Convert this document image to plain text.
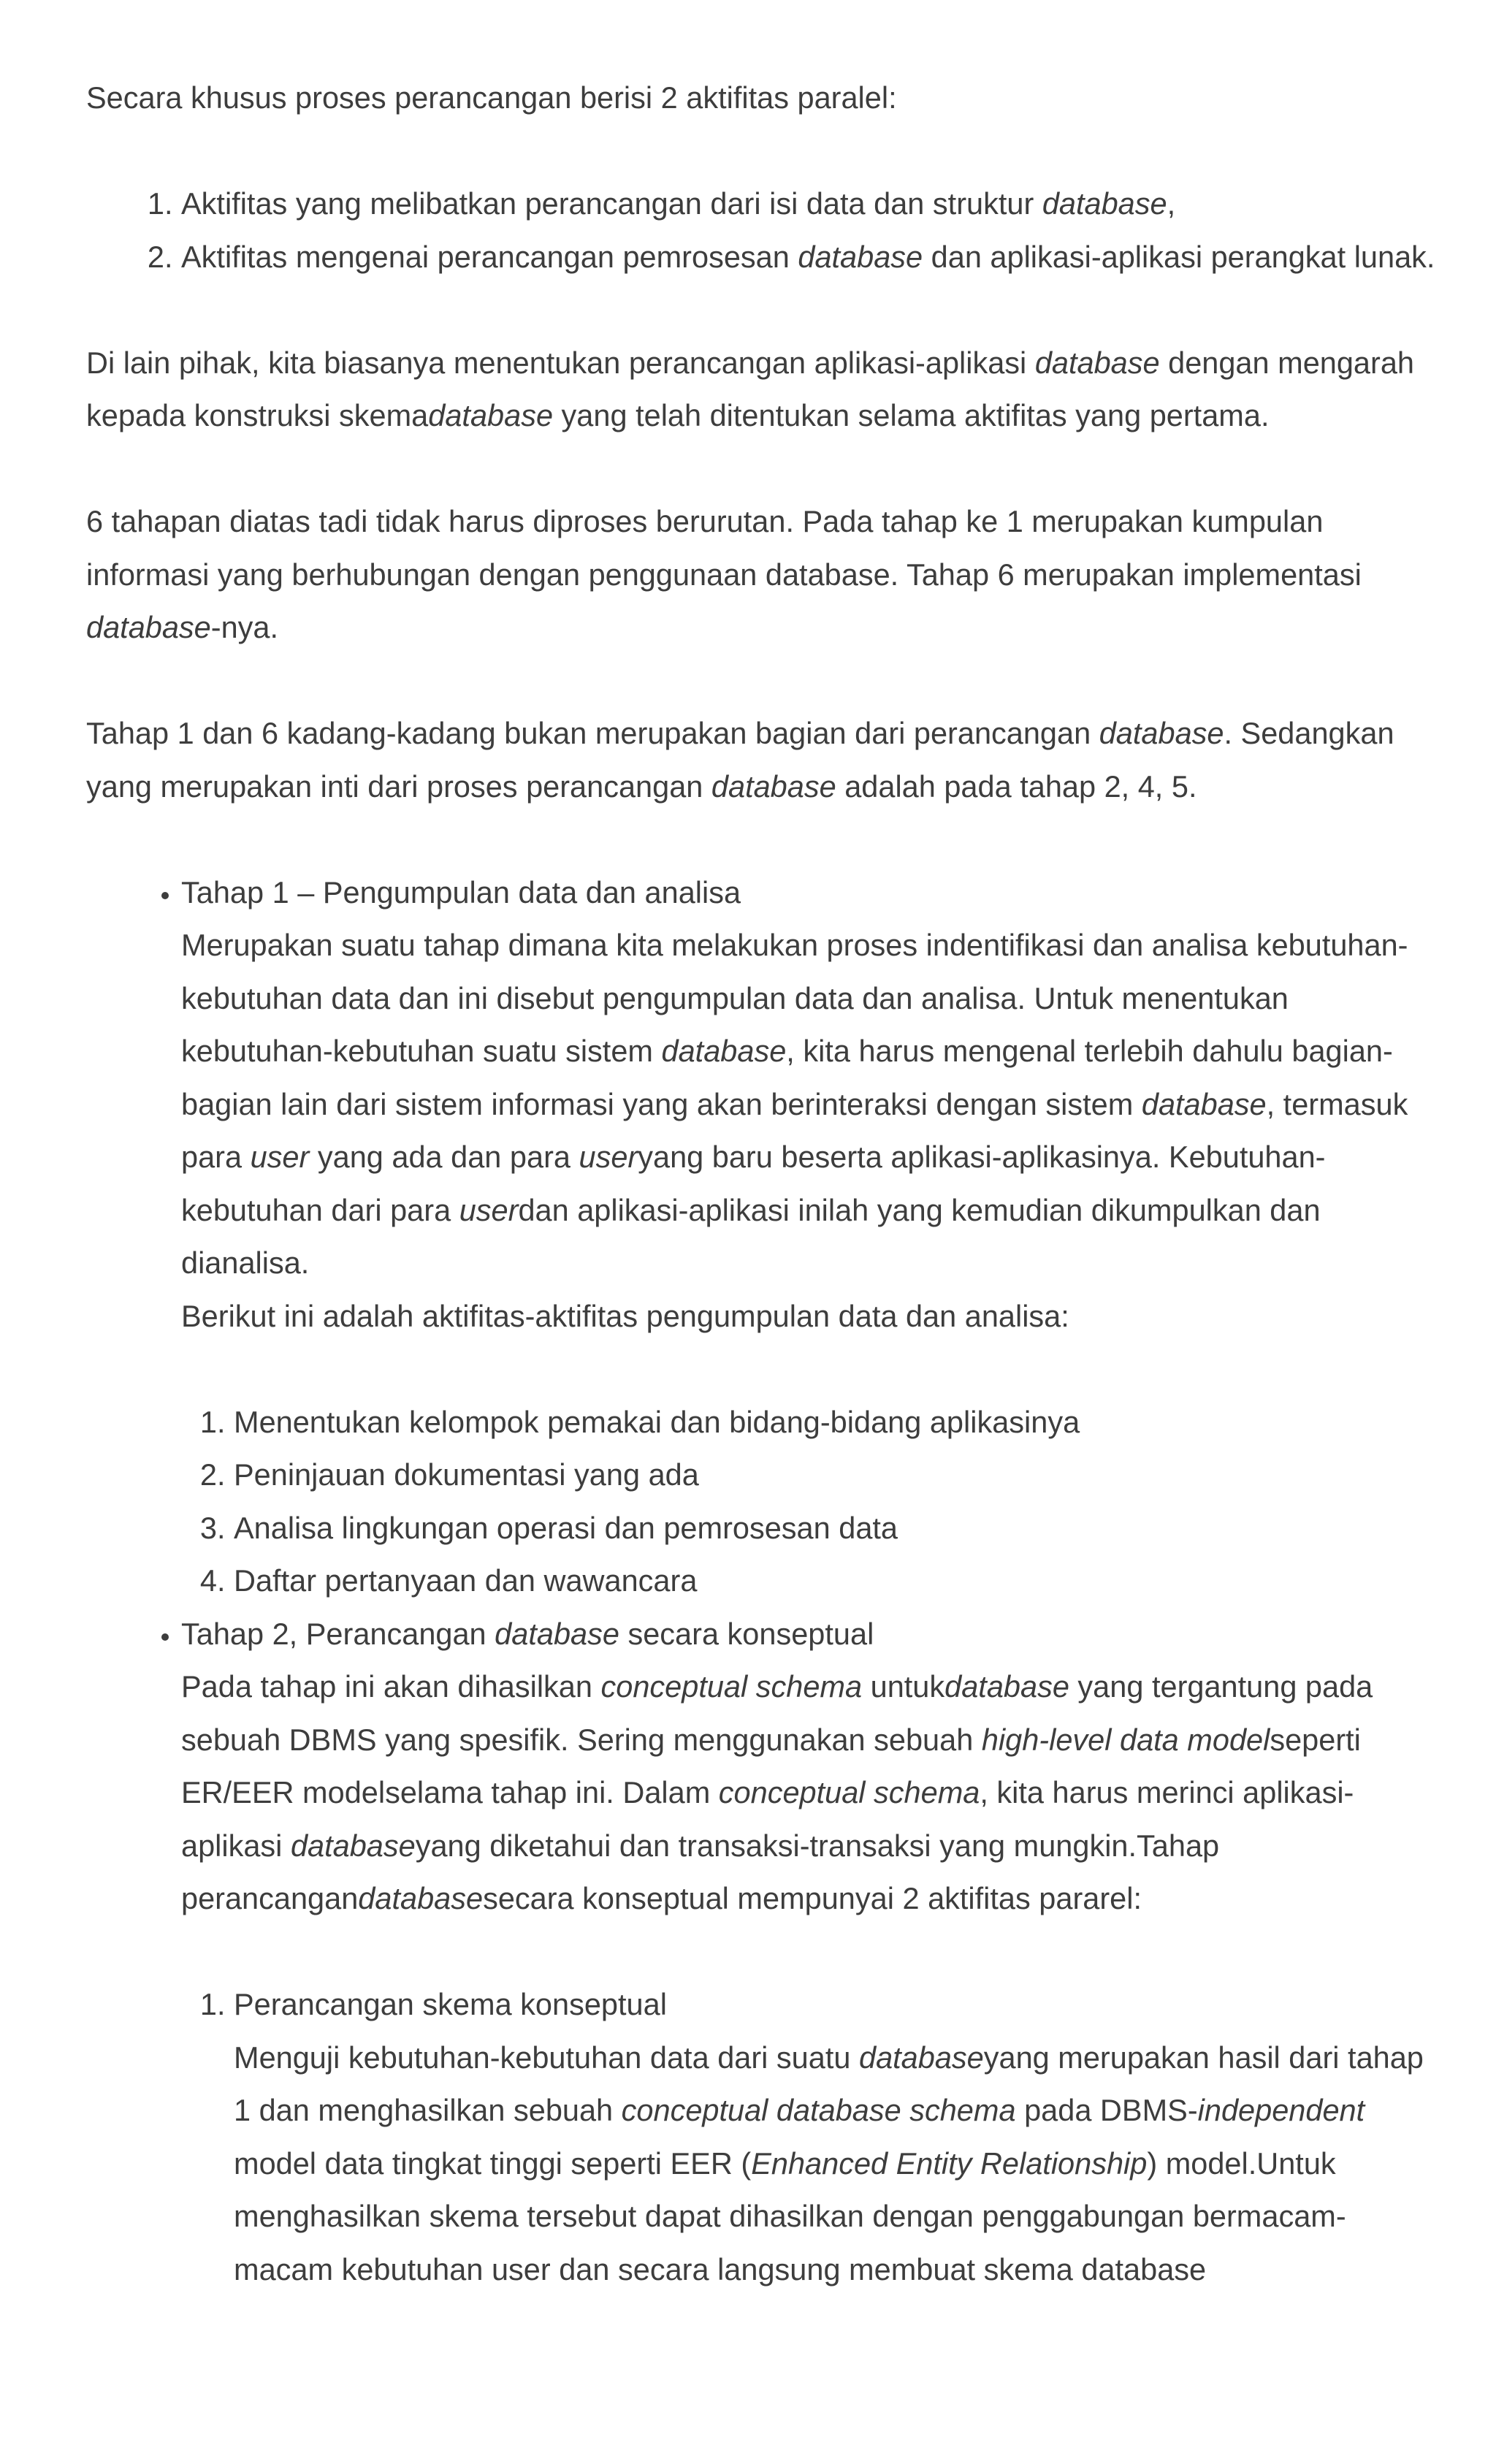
Secara khusus proses perancangan berisi 2 aktifitas paralel:

1. Aktifitas yang melibatkan perancangan dari isi data dan struktur database,
2. Aktifitas mengenai perancangan pemrosesan database dan aplikasi-aplikasi perangkat lunak.

Di lain pihak, kita biasanya menentukan perancangan aplikasi-aplikasi database dengan mengarah kepada konstruksi skemadatabase yang telah ditentukan selama aktifitas yang pertama.

6 tahapan diatas tadi tidak harus diproses berurutan. Pada tahap ke 1 merupakan kumpulan informasi yang berhubungan dengan penggunaan database. Tahap 6 merupakan implementasi database-nya.

Tahap 1 dan 6 kadang-kadang bukan merupakan bagian dari perancangan database. Sedangkan yang merupakan inti dari proses perancangan database adalah pada tahap 2, 4, 5.

• Tahap 1 – Pengumpulan data dan analisa
Merupakan suatu tahap dimana kita melakukan proses indentifikasi dan analisa kebutuhan-kebutuhan data dan ini disebut pengumpulan data dan analisa. Untuk menentukan kebutuhan-kebutuhan suatu sistem database, kita harus mengenal terlebih dahulu bagian-bagian lain dari sistem informasi yang akan berinteraksi dengan sistem database, termasuk para user yang ada dan para useryang baru beserta aplikasi-aplikasinya. Kebutuhan-kebutuhan dari para userdan aplikasi-aplikasi inilah yang kemudian dikumpulkan dan dianalisa.
Berikut ini adalah aktifitas-aktifitas pengumpulan data dan analisa:
1. Menentukan kelompok pemakai dan bidang-bidang aplikasinya
2. Peninjauan dokumentasi yang ada
3. Analisa lingkungan operasi dan pemrosesan data
4. Daftar pertanyaan dan wawancara
• Tahap 2, Perancangan database secara konseptual
Pada tahap ini akan dihasilkan conceptual schema untukdatabase yang tergantung pada sebuah DBMS yang spesifik. Sering menggunakan sebuah high-level data modelseperti ER/EER modelselama tahap ini. Dalam conceptual schema, kita harus merinci aplikasi-aplikasi databaseyang diketahui dan transaksi-transaksi yang mungkin.Tahap perancangandatabasesecara konseptual mempunyai 2 aktifitas pararel:
1. Perancangan skema konseptual
Menguji kebutuhan-kebutuhan data dari suatu databaseyang merupakan hasil dari tahap 1 dan menghasilkan sebuah conceptual database schema pada DBMS-independent model data tingkat tinggi seperti EER (Enhanced Entity Relationship) model.Untuk menghasilkan skema tersebut dapat dihasilkan dengan penggabungan bermacam-macam kebutuhan user dan secara langsung membuat skema database
